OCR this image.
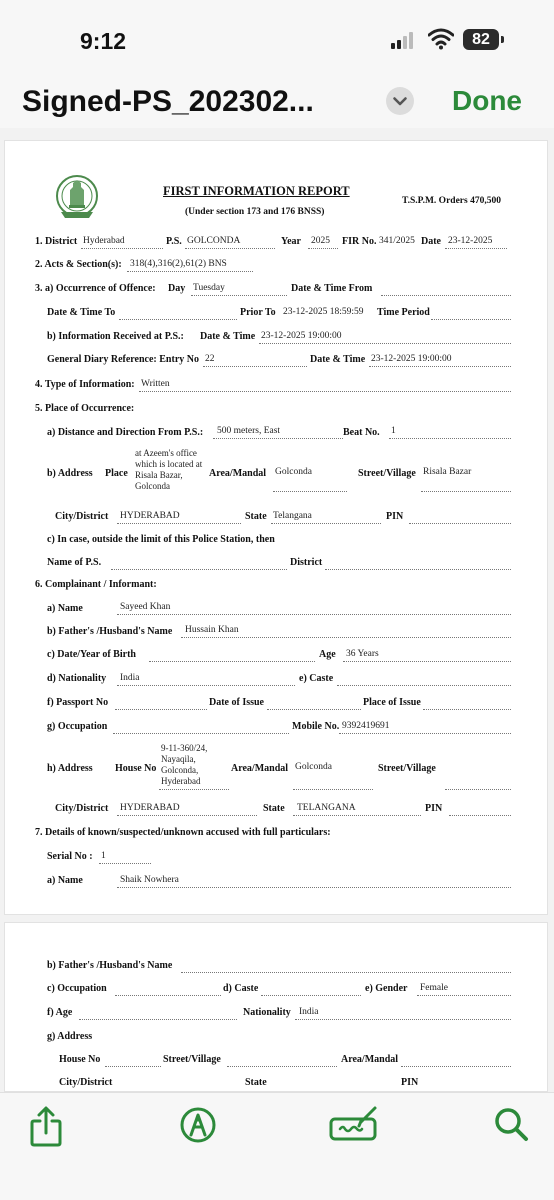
9:12	82
Signed-PS_202302...	Done
FIRST INFORMATION REPORT
(Under section 173 and 176 BNSS)
T.S.P.M. Orders 470,500
1. District Hyderabad	P.S. GOLCONDA	Year 2025 FIR No. 341/2025 Date 23-12-2025
2. Acts & Section(s): 318(4),316(2),61(2) BNS
3. a) Occurrence of Offence: Day Tuesday	Date & Time From
Date & Time To	Prior To 23-12-2025 18:59:59 Time Period
b) Information Received at P.S.: Date & Time 23-12-2025 19:00:00
General Diary Reference: Entry No 22	Date & Time 23-12-2025 19:00:00
4. Type of Information: Written
5. Place of Occurrence:
a) Distance and Direction From P.S.: 500 meters, East	Beat No. 1
b) Address Place
at Azeem's office
which is located at
Risala Bazar,
Golconda
Area/Mandal Golconda	Street/Village Risala Bazar
City/District HYDERABAD	State Telangana	PIN
c) In case, outside the limit of this Police Station, then
Name of P.S.	District
6. Complainant / Informant:
a) Name	Sayeed Khan
b) Father's /Husband's Name Hussain Khan
c) Date/Year of Birth	Age 36 Years
d) Nationality India	e) Caste
f) Passport No	Date of Issue	Place of Issue
g) Occupation	Mobile No. 9392419691
h) Address House No
9-11-360/24,
Nayaqila,
Golconda,
Hyderabad
Area/Mandal Golconda	Street/Village
City/District HYDERABAD	State TELANGANA	PIN
7. Details of known/suspected/unknown accused with full particulars:
Serial No : 1
a) Name	Shaik Nowhera
b) Father's /Husband's Name
c) Occupation	d) Caste	e) Gender Female
f) Age	Nationality India
g) Address
House No	Street/Village	Area/Mandal
City/District	State	PIN
